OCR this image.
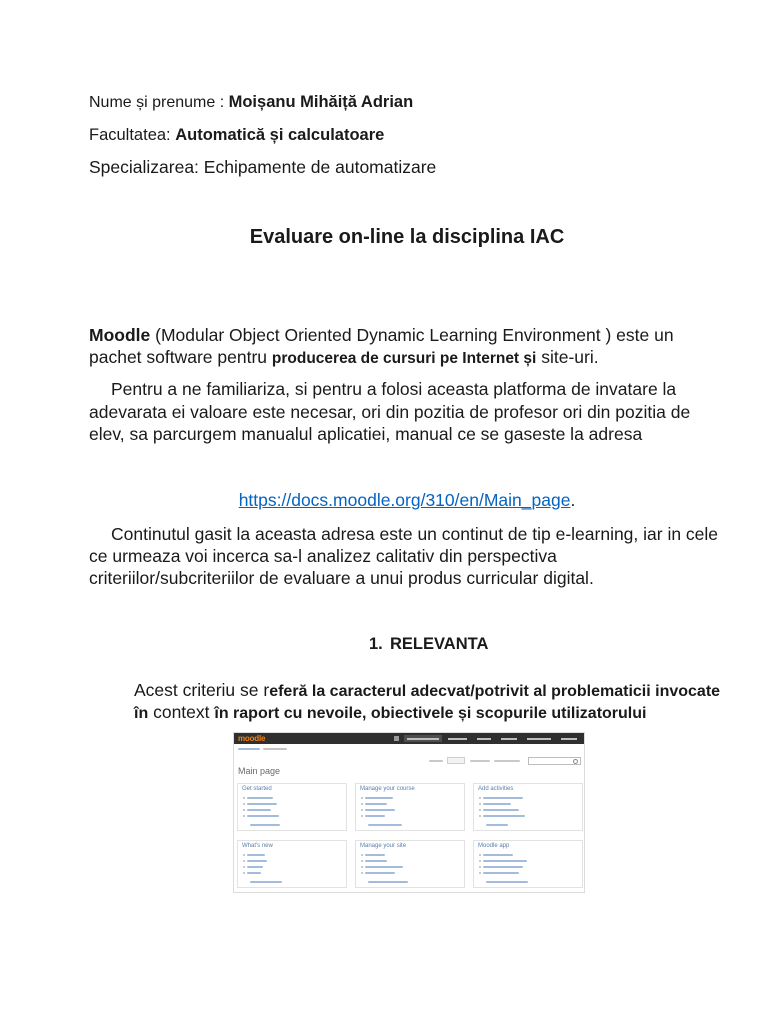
Nume și prenume : Moișanu Mihăiță Adrian
Facultatea: Automatică și calculatoare
Specializarea: Echipamente de automatizare
Evaluare on-line la disciplina IAC
Moodle (Modular Object Oriented Dynamic Learning Environment ) este un
pachet software pentru producerea de cursuri pe Internet și site-uri.
Pentru a ne familiariza, si pentru a folosi aceasta platforma de invatare la
adevarata ei valoare este necesar, ori din pozitia de profesor ori din pozitia de
elev, sa parcurgem manualul aplicatiei, manual ce se gaseste la adresa
https://docs.moodle.org/310/en/Main_page.
Continutul gasit la aceasta adresa este un continut de tip e-learning, iar in cele
ce urmeaza voi incerca sa-l analizez calitativ din perspectiva
criteriilor/subcriteriilor de evaluare a unui produs curricular digital.
1. RELEVANTA
Acest criteriu se referă la caracterul adecvat/potrivit al problematicii invocate
în context în raport cu nevoile, obiectivele și scopurile utilizatorului
moodle
Main page
Get started	Manage your course	Add activities
What's new	Manage your site	Moodle app
